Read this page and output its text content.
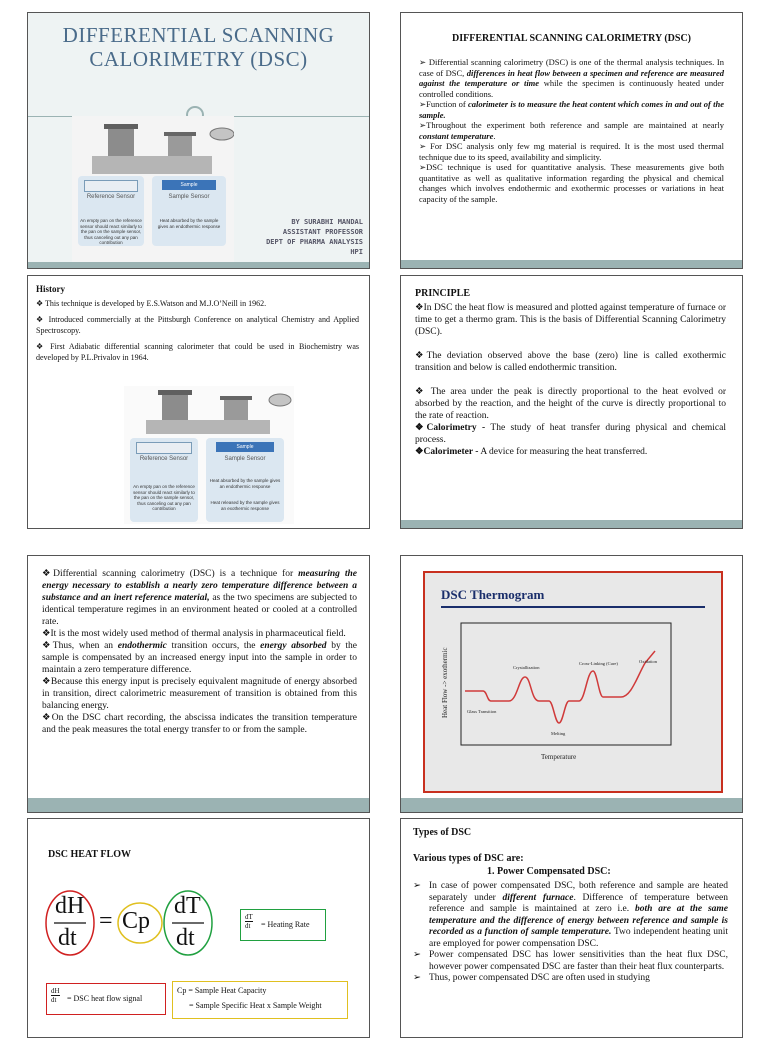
DIFFERENTIAL SCANNING
CALORIMETRY (DSC)
Reference Sensor
An empty pan on the reference sensor should react similarly to the pan on the sample sensor, thus canceling out any pan contribution
Sample
Sample Sensor
Heat absorbed by the sample gives an endothermic response	BY SURABHI MANDAL
ASSISTANT PROFESSOR
DEPT OF PHARMA ANALYSIS
HPI
DIFFERENTIAL SCANNING CALORIMETRY (DSC)

➢ Differential scanning calorimetry (DSC) is one of the thermal analysis techniques. In case of DSC, differences in heat flow between a specimen and reference are measured against the temperature or time while the specimen is continuously heated under controlled conditions.

➢Function of calorimeter is to measure the heat content which comes in and out of the sample.

➢Throughout the experiment both reference and sample are maintained at nearly constant temperature.

➢ For DSC analysis only few mg material is required. It is the most used thermal technique due to its speed, availability and simplicity.

➢DSC technique is used for quantitative analysis. These measurements give both quantitative as well as qualitative information regarding the physical and chemical changes which involves endothermic and exothermic processes or variations in heat capacity of the sample.

History

❖ This technique is developed by E.S.Watson and M.J.O’Neill in 1962.

❖ Introduced commercially at the Pittsburgh Conference on analytical Chemistry and Applied Spectroscopy.

❖ First Adiabatic differential scanning calorimeter that could be used in Biochemistry was developed by P.L.Privalov in 1964.

Reference Sensor
An empty pan on the reference sensor should react similarly to the pan on the sample sensor, thus canceling out any pan contribution
Sample
Sample Sensor
Heat absorbed by the sample gives an endothermic response
Heat released by the sample gives an exothermic response
PRINCIPLE

❖In DSC the heat flow is measured and plotted against temperature of furnace or time to get a thermo gram. This is the basis of Differential Scanning Calorimetry (DSC).

❖The deviation observed above the base (zero) line is called exothermic transition and below is called endothermic transition.

❖ The area under the peak is directly proportional to the heat evolved or absorbed by the reaction, and the height of the curve is directly proportional to the rate of reaction.

❖Calorimetry - The study of heat transfer during physical and chemical process.

❖Calorimeter - A device for measuring the heat transferred.

❖Differential scanning calorimetry (DSC) is a technique for measuring the energy necessary to establish a nearly zero temperature difference between a substance and an inert reference material, as the two specimens are subjected to identical temperature regimes in an environment heated or cooled at a controlled rate.

❖It is the most widely used method of thermal analysis in pharmaceutical field.

❖Thus, when an endothermic transition occurs, the energy absorbed by the sample is compensated by an increased energy input into the sample in order to maintain a zero temperature difference.

❖Because this energy input is precisely equivalent magnitude of energy absorbed in transition, direct calorimetric measurement of transition is obtained from this balancing energy.

❖On the DSC chart recording, the abscissa indicates the transition temperature and the peak measures the total energy transfer to or from the sample.

DSC Thermogram
Heat Flow -> exothermic
Temperature
Glass Transition
Crystallization
Melting
Cross-Linking (Cure)	Oxidation
DSC HEAT FLOW
dH
dt
= Cp
dT
dt
dT
dt = Heating Rate
dH
dt	= DSC heat flow signal
Cp = Sample Heat Capacity
= Sample Specific Heat x Sample Weight
Types of DSC
Various types of DSC are:
1. Power Compensated DSC:

➢ In case of power compensated DSC, both reference and sample are heated separately under different furnace. Difference of temperature between reference and sample is maintained at zero i.e. both are at the same temperature and the difference of energy between reference and sample is recorded as a function of sample temperature. Two independent heating unit are employed for power compensation DSC.

➢ Power compensated DSC has lower sensitivities than the heat flux DSC, however power compensated DSC are faster than their heat flux counterparts.

➢ Thus, power compensated DSC are often used in studying
